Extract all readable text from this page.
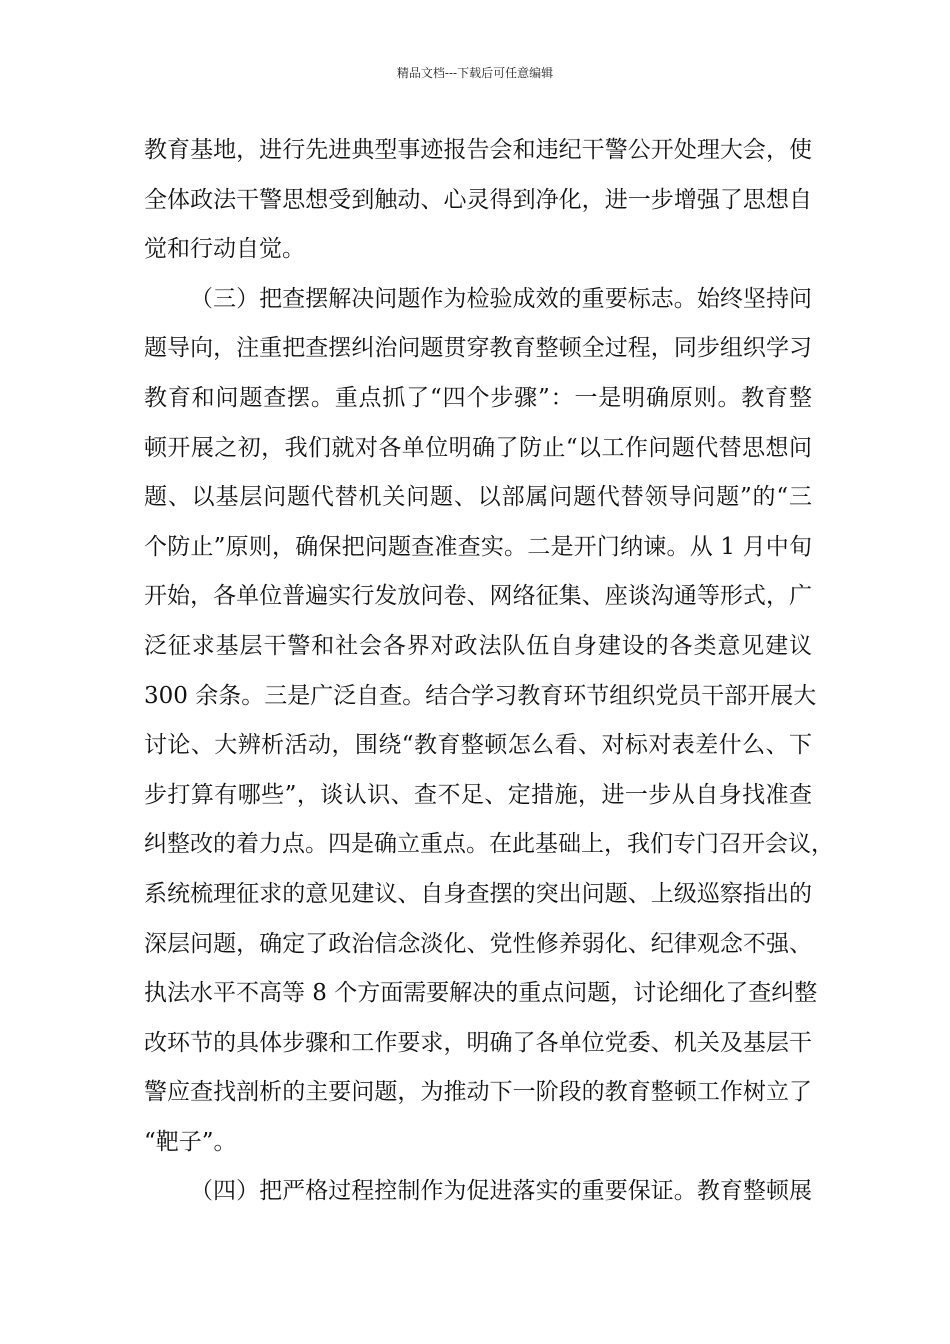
精品文档---下载后可任意编辑
教育基地，进行先进典型事迹报告会和违纪干警公开处理大会，使
全体政法干警思想受到触动、心灵得到净化，进一步增强了思想自
觉和行动自觉。
（三）把查摆解决问题作为检验成效的重要标志。始终坚持问
题导向，注重把查摆纠治问题贯穿教育整顿全过程，同步组织学习
教育和问题查摆。重点抓了“四个步骤”：一是明确原则。教育整
顿开展之初，我们就对各单位明确了防止“以工作问题代替思想问
题、以基层问题代替机关问题、以部属问题代替领导问题”的“三
个防止”原则，确保把问题查准查实。二是开门纳谏。从 1 月中旬
开始，各单位普遍实行发放问卷、网络征集、座谈沟通等形式，广
泛征求基层干警和社会各界对政法队伍自身建设的各类意见建议
300 余条。三是广泛自查。结合学习教育环节组织党员干部开展大
讨论、大辨析活动，围绕“教育整顿怎么看、对标对表差什么、下
步打算有哪些”，谈认识、查不足、定措施，进一步从自身找准查
纠整改的着力点。四是确立重点。在此基础上，我们专门召开会议，
系统梳理征求的意见建议、自身查摆的突出问题、上级巡察指出的
深层问题，确定了政治信念淡化、党性修养弱化、纪律观念不强、
执法水平不高等 8 个方面需要解决的重点问题，讨论细化了查纠整
改环节的具体步骤和工作要求，明确了各单位党委、机关及基层干
警应查找剖析的主要问题，为推动下一阶段的教育整顿工作树立了
“靶子”。
（四）把严格过程控制作为促进落实的重要保证。教育整顿展
